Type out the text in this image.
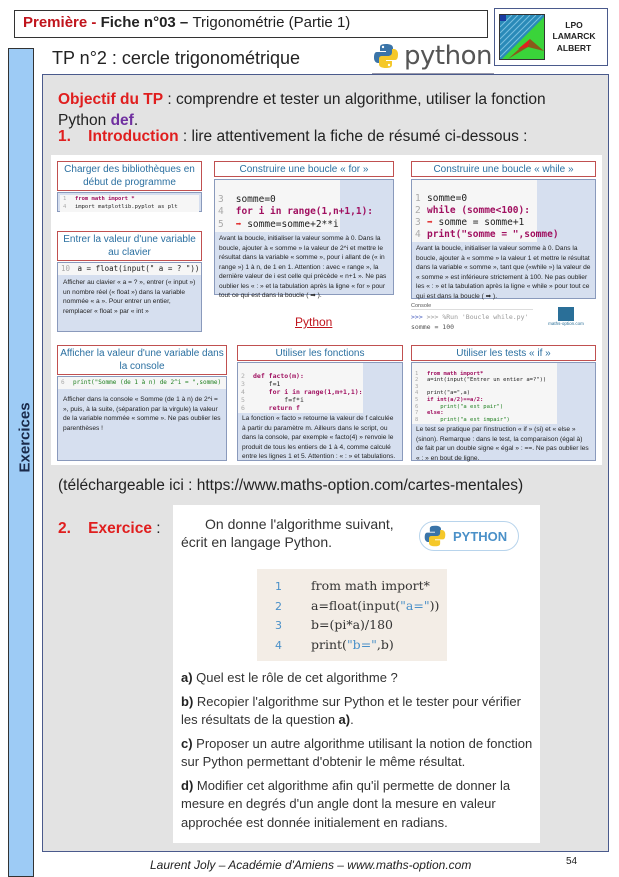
Première - Fiche n°03 – Trigonométrie (Partie 1)	LPO LAMARCK
ALBERT
Exercices
TP n°2 : cercle trigonométrique	python
Objectif du TP : comprendre et tester un algorithme, utiliser la fonction Python def.
1. Introduction : lire attentivement la fiche de résumé ci-dessous :
Charger des bibliothèques en début de programme
1 from math import *
4 import matplotlib.pyplot as plt
Entrer la valeur d'une variable au clavier
10 a = float(input(" a = ? "))
Afficher au clavier « a = ? », entrer (« input ») un nombre réel (« float ») dans la variable nommée « a ». Pour entrer un entier, remplacer « float » par « int »
Construire une boucle « for »

3 somme=0
4 for i in range(1,n+1,1):
5 ➡ somme=somme+2**i
Avant la boucle, initialiser la valeur somme à 0. Dans la boucle, ajouter à « somme » la valeur de 2^i et mettre le résultat dans la variable « somme », pour i allant de (« in range ») 1 à n, de 1 en 1. Attention : avec « range », la dernière valeur de i est celle qui précède « n+1 ». Ne pas oublier les « : » et la tabulation après la ligne « for » pour tout ce qui est dans la boucle ( ➡ ).
Python
Construire une boucle « while »

1 somme=0
2 while (somme<100):
3 ➡ somme = somme+1
4 print("somme = ",somme)
Avant la boucle, initialiser la valeur somme à 0. Dans la boucle, ajouter à « somme » la valeur 1 et mettre le résultat dans la variable « somme », tant que («while ») la valeur de « somme » est inférieure strictement à 100. Ne pas oublier les « : » et la tabulation après la ligne « while » pour tout ce qui est dans la boucle ( ➡ ).
Console
>>> >>> %Run 'Boucle while.py'
somme = 100	maths-option.com
Afficher la valeur d'une variable dans la console
6 print("Somme (de 1 à n) de 2^i = ",somme)
Afficher dans la console « Somme (de 1 à n) de 2^i = », puis, à la suite, (séparation par la virgule) la valeur de la variable nommée « somme ». Ne pas oublier les parenthèses !
Utiliser les fonctions

2 def facto(m):
3    f=1
4    for i in range(1,m+1,1):
5        f=f*i
6    return f
La fonction « facto » retourne la valeur de f calculée à partir du paramètre m. Ailleurs dans le script, ou dans la console, par exemple « facto(4) » renvoie le produit de tous les entiers de 1 à 4, comme calculé entre les lignes 1 et 5. Attention : « : » et tabulations.
Utiliser les tests « if »

1 from math import*
2 a=int(input("Entrer un entier a=?"))
3
4 print("a=",a)
5 if int(a/2)==a/2:
6    print("a est pair")
7 else:
8    print("a est impair")
Le test se pratique par l'instruction « if » (si) et « else » (sinon). Remarque : dans le test, la comparaison (égal à) de fait par un double signe « égal » : ==. Ne pas oublier les « : » en bout de ligne.
(téléchargeable ici : https://www.maths-option.com/cartes-mentales)
2. Exercice :	On donne l'algorithme suivant,
écrit en langage Python.	PYTHON
1 from math import*
2 a=float(input("a="))
3 b=(pi*a)/180
4 print("b=",b)

a) Quel est le rôle de cet algorithme ?

b) Recopier l'algorithme sur Python et le tester pour vérifier les résultats de la question a).

c) Proposer un autre algorithme utilisant la notion de fonction sur Python permettant d'obtenir le même résultat.

d) Modifier cet algorithme afin qu'il permette de donner la mesure en degrés d'un angle dont la mesure en valeur approchée est donnée initialement en radians.

Laurent Joly – Académie d'Amiens – www.maths-option.com	54
